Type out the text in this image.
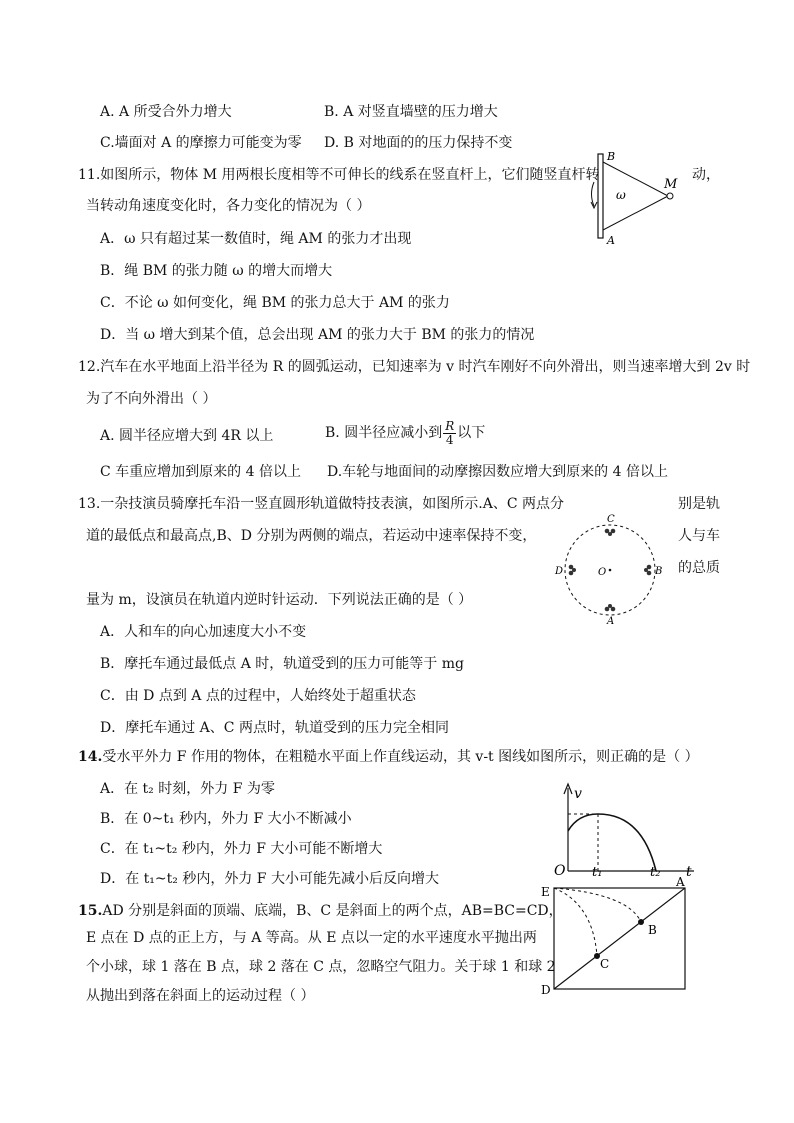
A. A 所受合外力增大	B. A 对竖直墙壁的压力增大
C.墙面对 A 的摩擦力可能变为零 D. B 对地面的的压力保持不变
11.如图所示，物体 M 用两根长度相等不可伸长的线系在竖直杆上，它们随竖直杆转	动，
当转动角速度变化时，各力变化的情况为（ ）
A．ω 只有超过某一数值时，绳 AM 的张力才出现
B．绳 BM 的张力随 ω 的增大而增大
C．不论 ω 如何变化，绳 BM 的张力总大于 AM 的张力
D．当 ω 增大到某个值，总会出现 AM 的张力大于 BM 的张力的情况
B
A
M
ω
12.汽车在水平地面上沿半径为 R 的圆弧运动，已知速率为 v 时汽车刚好不向外滑出，则当速率增大到 2v 时
为了不向外滑出（ ）
A. 圆半径应增大到 4R 以上	B. 圆半径应减小到 $\frac{R}{4}$ 以下
C 车重应增加到原来的 4 倍以上 D.车轮与地面间的动摩擦因数应增大到原来的 4 倍以上
13.一杂技演员骑摩托车沿一竖直圆形轨道做特技表演，如图所示.A、C 两点分	别是轨
道的最低点和最高点,B、D 分别为两侧的端点，若运动中速率保持不变，	人与车
的总质
量为 m，设演员在轨道内逆时针运动．下列说法正确的是（ ）
A．人和车的向心加速度大小不变
B．摩托车通过最低点 A 时，轨道受到的压力可能等于 mg
C．由 D 点到 A 点的过程中，人始终处于超重状态
D．摩托车通过 A、C 两点时，轨道受到的压力完全相同
C
A
D	B
O
14.受水平外力 F 作用的物体，在粗糙水平面上作直线运动，其 v-t 图线如图所示，则正确的是（ ）
A．在 t₂ 时刻，外力 F 为零
B．在 0~t₁ 秒内，外力 F 大小不断减小
C．在 t₁~t₂ 秒内，外力 F 大小可能不断增大
D．在 t₁~t₂ 秒内，外力 F 大小可能先减小后反向增大
v
O t₁	t₂ t
15.AD 分别是斜面的顶端、底端，B、C 是斜面上的两个点，AB=BC=CD，
E 点在 D 点的正上方，与 A 等高。从 E 点以一定的水平速度水平抛出两
个小球，球 1 落在 B 点，球 2 落在 C 点，忽略空气阻力。关于球 1 和球 2
从抛出到落在斜面上的运动过程（ ）
E
A
B
C
D
